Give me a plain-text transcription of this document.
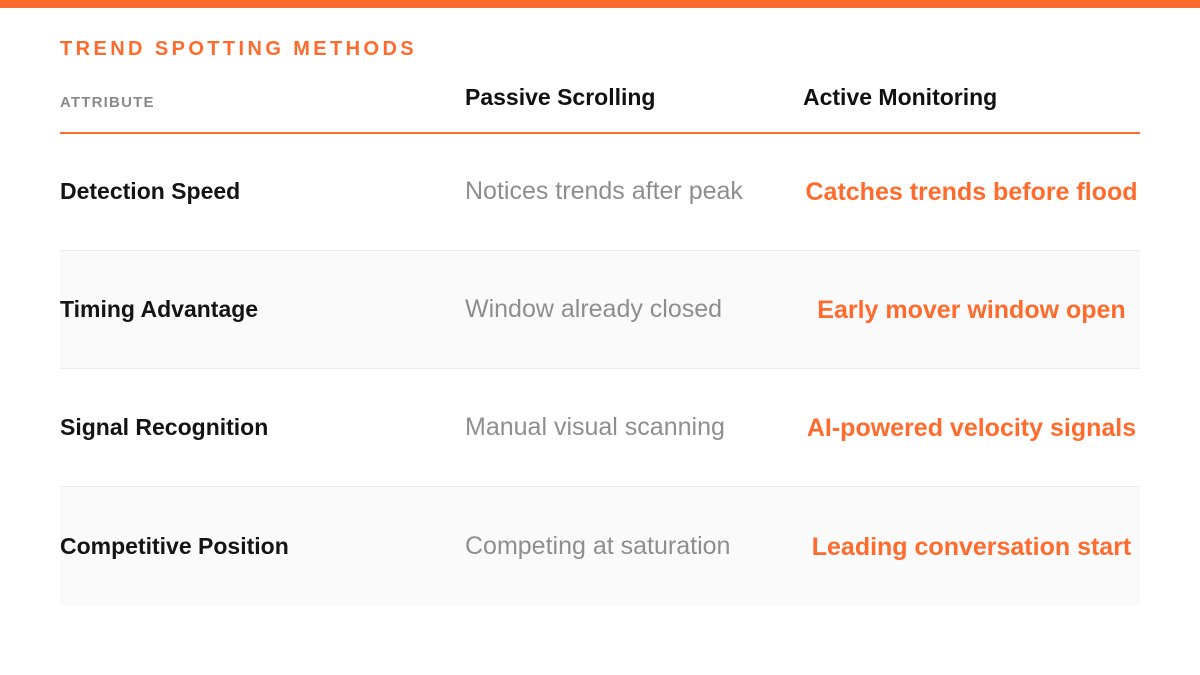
TREND SPOTTING METHODS
ATTRIBUTE	Passive Scrolling	Active Monitoring
Detection Speed	Notices trends after peak	Catches trends before flood
Timing Advantage	Window already closed	Early mover window open
Signal Recognition	Manual visual scanning	AI-powered velocity signals
Competitive Position	Competing at saturation	Leading conversation start
